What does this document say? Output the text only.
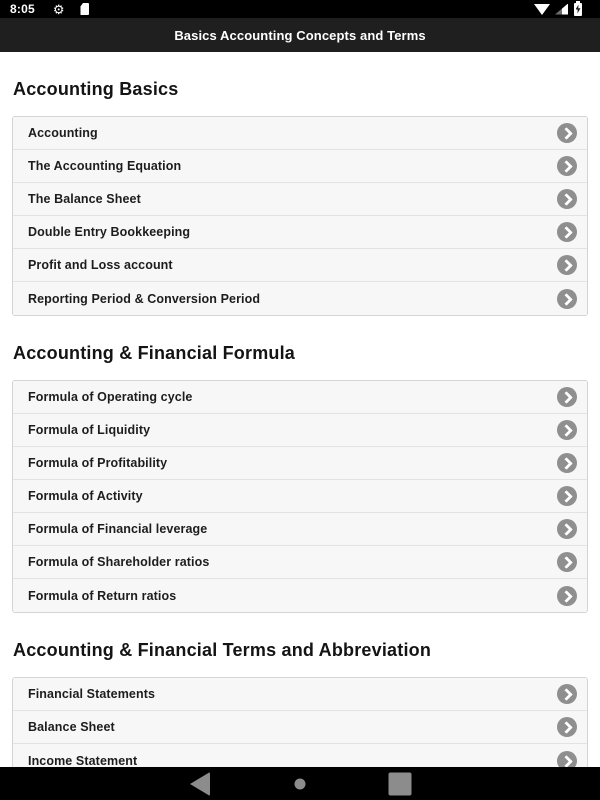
8:05 ⚙
Basics Accounting Concepts and Terms
Accounting Basics
Accounting
The Accounting Equation
The Balance Sheet
Double Entry Bookkeeping
Profit and Loss account
Reporting Period & Conversion Period
Accounting & Financial Formula
Formula of Operating cycle
Formula of Liquidity
Formula of Profitability
Formula of Activity
Formula of Financial leverage
Formula of Shareholder ratios
Formula of Return ratios
Accounting & Financial Terms and Abbreviation
Financial Statements
Balance Sheet
Income Statement
